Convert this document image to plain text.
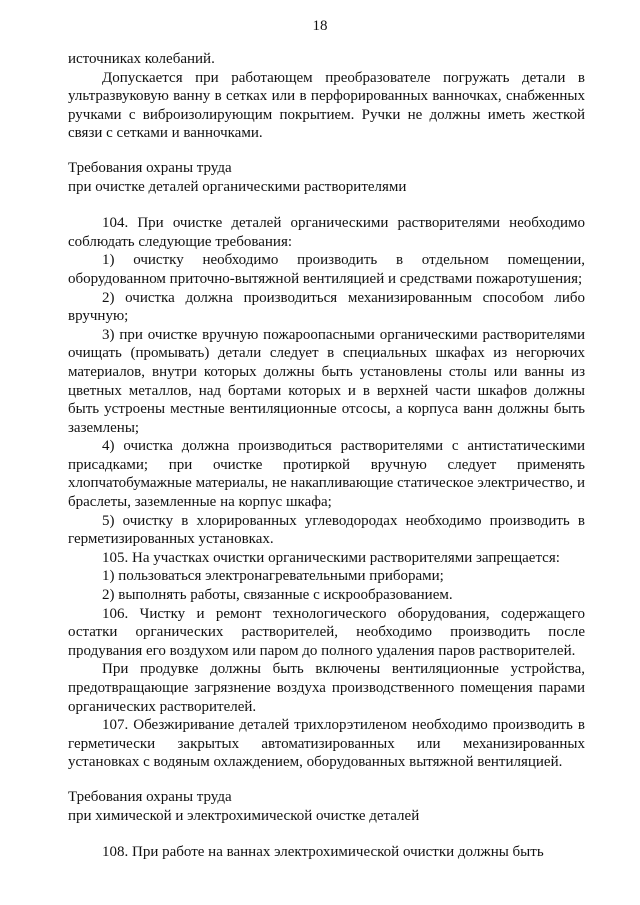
18

источниках колебаний.

Допускается при работающем преобразователе погружать детали в ультразвуковую ванну в сетках или в перфорированных ванночках, снабженных ручками с виброизолирующим покрытием. Ручки не должны иметь жесткой связи с сетками и ванночками.

Требования охраны труда

при очистке деталей органическими растворителями

104. При очистке деталей органическими растворителями необходимо соблюдать следующие требования:

1) очистку необходимо производить в отдельном помещении, оборудованном приточно-вытяжной вентиляцией и средствами пожаротушения;

2) очистка должна производиться механизированным способом либо вручную;

3) при очистке вручную пожароопасными органическими растворителями очищать (промывать) детали следует в специальных шкафах из негорючих материалов, внутри которых должны быть установлены столы или ванны из цветных металлов, над бортами которых и в верхней части шкафов должны быть устроены местные вентиляционные отсосы, а корпуса ванн должны быть заземлены;

4) очистка должна производиться растворителями с антистатическими присадками; при очистке протиркой вручную следует применять хлопчатобумажные материалы, не накапливающие статическое электричество, и браслеты, заземленные на корпус шкафа;

5) очистку в хлорированных углеводородах необходимо производить в герметизированных установках.

105. На участках очистки органическими растворителями запрещается:

1) пользоваться электронагревательными приборами;

2) выполнять работы, связанные с искрообразованием.

106. Чистку и ремонт технологического оборудования, содержащего остатки органических растворителей, необходимо производить после продувания его воздухом или паром до полного удаления паров растворителей.

При продувке должны быть включены вентиляционные устройства, предотвращающие загрязнение воздуха производственного помещения парами органических растворителей.

107. Обезжиривание деталей трихлорэтиленом необходимо производить в герметически закрытых автоматизированных или механизированных установках с водяным охлаждением, оборудованных вытяжной вентиляцией.

Требования охраны труда

при химической и электрохимической очистке деталей

108. При работе на ваннах электрохимической очистки должны быть
